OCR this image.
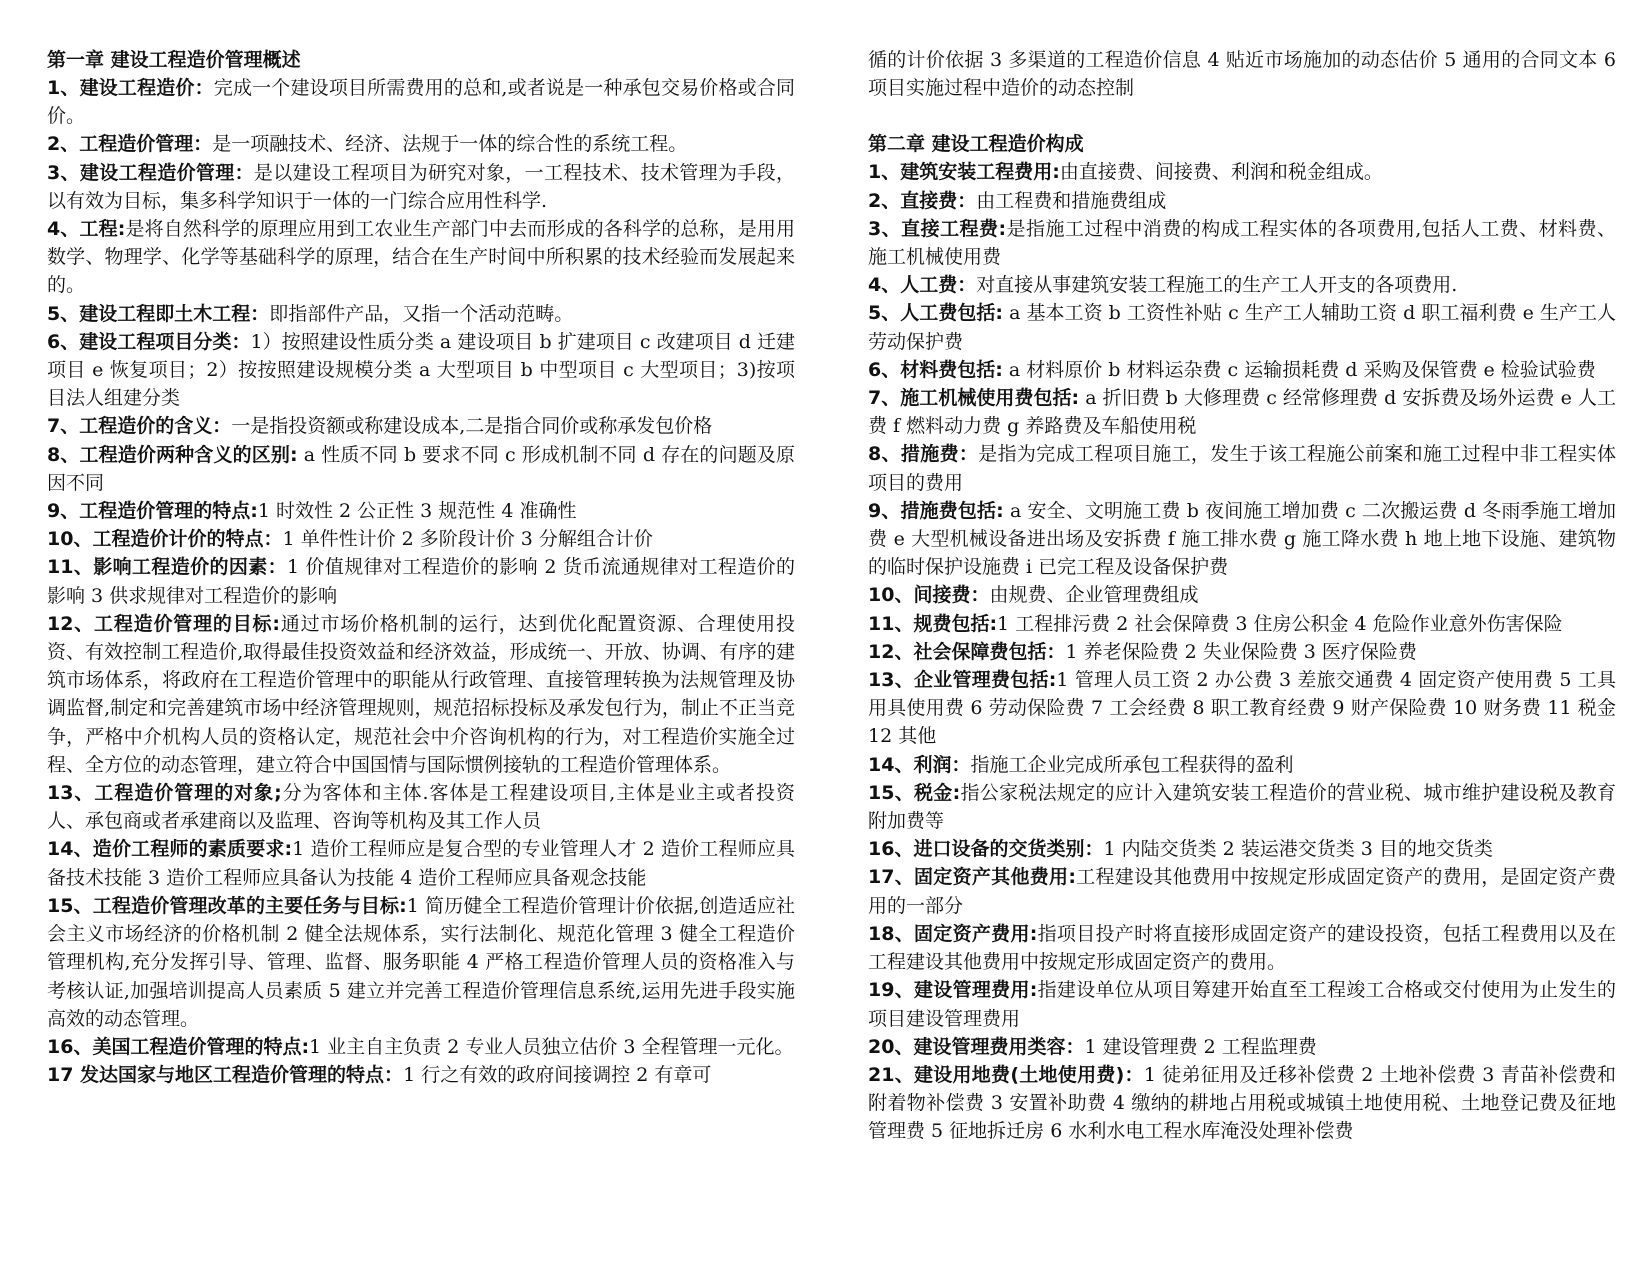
第一章 建设工程造价管理概述
1、建设工程造价：完成一个建设项目所需费用的总和,或者说是一种承包交易价格或合同价。
2、工程造价管理：是一项融技术、经济、法规于一体的综合性的系统工程。
3、建设工程造价管理：是以建设工程项目为研究对象，一工程技术、技术管理为手段，以有效为目标，集多科学知识于一体的一门综合应用性科学.
4、工程:是将自然科学的原理应用到工农业生产部门中去而形成的各科学的总称，是用用数学、物理学、化学等基础科学的原理，结合在生产时间中所积累的技术经验而发展起来的。
5、建设工程即土木工程：即指部件产品，又指一个活动范畴。
6、建设工程项目分类：1）按照建设性质分类 a 建设项目 b 扩建项目 c 改建项目 d 迁建项目 e 恢复项目；2）按按照建设规模分类 a 大型项目 b 中型项目 c 大型项目；3)按项目法人组建分类
7、工程造价的含义：一是指投资额或称建设成本,二是指合同价或称承发包价格
8、工程造价两种含义的区别: a 性质不同 b 要求不同 c 形成机制不同 d 存在的问题及原因不同
9、工程造价管理的特点:1 时效性 2 公正性 3 规范性 4 准确性
10、工程造价计价的特点：1 单件性计价 2 多阶段计价 3 分解组合计价
11、影响工程造价的因素：1 价值规律对工程造价的影响 2 货币流通规律对工程造价的影响 3 供求规律对工程造价的影响
12、工程造价管理的目标:通过市场价格机制的运行，达到优化配置资源、合理使用投资、有效控制工程造价,取得最佳投资效益和经济效益，形成统一、开放、协调、有序的建筑市场体系，将政府在工程造价管理中的职能从行政管理、直接管理转换为法规管理及协调监督,制定和完善建筑市场中经济管理规则，规范招标投标及承发包行为，制止不正当竞争，严格中介机构人员的资格认定，规范社会中介咨询机构的行为，对工程造价实施全过程、全方位的动态管理，建立符合中国国情与国际惯例接轨的工程造价管理体系。
13、工程造价管理的对象;分为客体和主体.客体是工程建设项目,主体是业主或者投资人、承包商或者承建商以及监理、咨询等机构及其工作人员
14、造价工程师的素质要求:1 造价工程师应是复合型的专业管理人才 2 造价工程师应具备技术技能 3 造价工程师应具备认为技能 4 造价工程师应具备观念技能
15、工程造价管理改革的主要任务与目标:1 简历健全工程造价管理计价依据,创造适应社会主义市场经济的价格机制 2 健全法规体系，实行法制化、规范化管理 3 健全工程造价管理机构,充分发挥引导、管理、监督、服务职能 4 严格工程造价管理人员的资格准入与考核认证,加强培训提高人员素质 5 建立并完善工程造价管理信息系统,运用先进手段实施高效的动态管理。
16、美国工程造价管理的特点:1 业主自主负责 2 专业人员独立估价 3 全程管理一元化。
17 发达国家与地区工程造价管理的特点：1 行之有效的政府间接调控 2 有章可
循的计价依据 3 多渠道的工程造价信息 4 贴近市场施加的动态估价 5 通用的合同文本 6 项目实施过程中造价的动态控制
第二章 建设工程造价构成
1、建筑安装工程费用:由直接费、间接费、利润和税金组成。
2、直接费：由工程费和措施费组成
3、直接工程费:是指施工过程中消费的构成工程实体的各项费用,包括人工费、材料费、施工机械使用费
4、人工费：对直接从事建筑安装工程施工的生产工人开支的各项费用.
5、人工费包括: a 基本工资 b 工资性补贴 c 生产工人辅助工资 d 职工福利费 e 生产工人劳动保护费
6、材料费包括: a 材料原价 b 材料运杂费 c 运输损耗费 d 采购及保管费 e 检验试验费
7、施工机械使用费包括: a 折旧费 b 大修理费 c 经常修理费 d 安拆费及场外运费 e 人工费 f 燃料动力费 g 养路费及车船使用税
8、措施费：是指为完成工程项目施工，发生于该工程施公前案和施工过程中非工程实体项目的费用
9、措施费包括: a 安全、文明施工费 b 夜间施工增加费 c 二次搬运费 d 冬雨季施工增加费 e 大型机械设备进出场及安拆费 f 施工排水费 g 施工降水费 h 地上地下设施、建筑物的临时保护设施费 i 已完工程及设备保护费
10、间接费：由规费、企业管理费组成
11、规费包括:1 工程排污费 2 社会保障费 3 住房公积金 4 危险作业意外伤害保险
12、社会保障费包括：1 养老保险费 2 失业保险费 3 医疗保险费
13、企业管理费包括:1 管理人员工资 2 办公费 3 差旅交通费 4 固定资产使用费 5 工具用具使用费 6 劳动保险费 7 工会经费 8 职工教育经费 9 财产保险费 10 财务费 11 税金 12 其他
14、利润：指施工企业完成所承包工程获得的盈利
15、税金:指公家税法规定的应计入建筑安装工程造价的营业税、城市维护建设税及教育附加费等
16、进口设备的交货类别：1 内陆交货类 2 装运港交货类 3 目的地交货类
17、固定资产其他费用:工程建设其他费用中按规定形成固定资产的费用，是固定资产费用的一部分
18、固定资产费用:指项目投产时将直接形成固定资产的建设投资，包括工程费用以及在工程建设其他费用中按规定形成固定资产的费用。
19、建设管理费用:指建设单位从项目筹建开始直至工程竣工合格或交付使用为止发生的项目建设管理费用
20、建设管理费用类容：1 建设管理费 2 工程监理费
21、建设用地费(土地使用费)：1 徒弟征用及迁移补偿费 2 土地补偿费 3 青苗补偿费和附着物补偿费 3 安置补助费 4 缴纳的耕地占用税或城镇土地使用税、土地登记费及征地管理费 5 征地拆迁房 6 水利水电工程水库淹没处理补偿费
